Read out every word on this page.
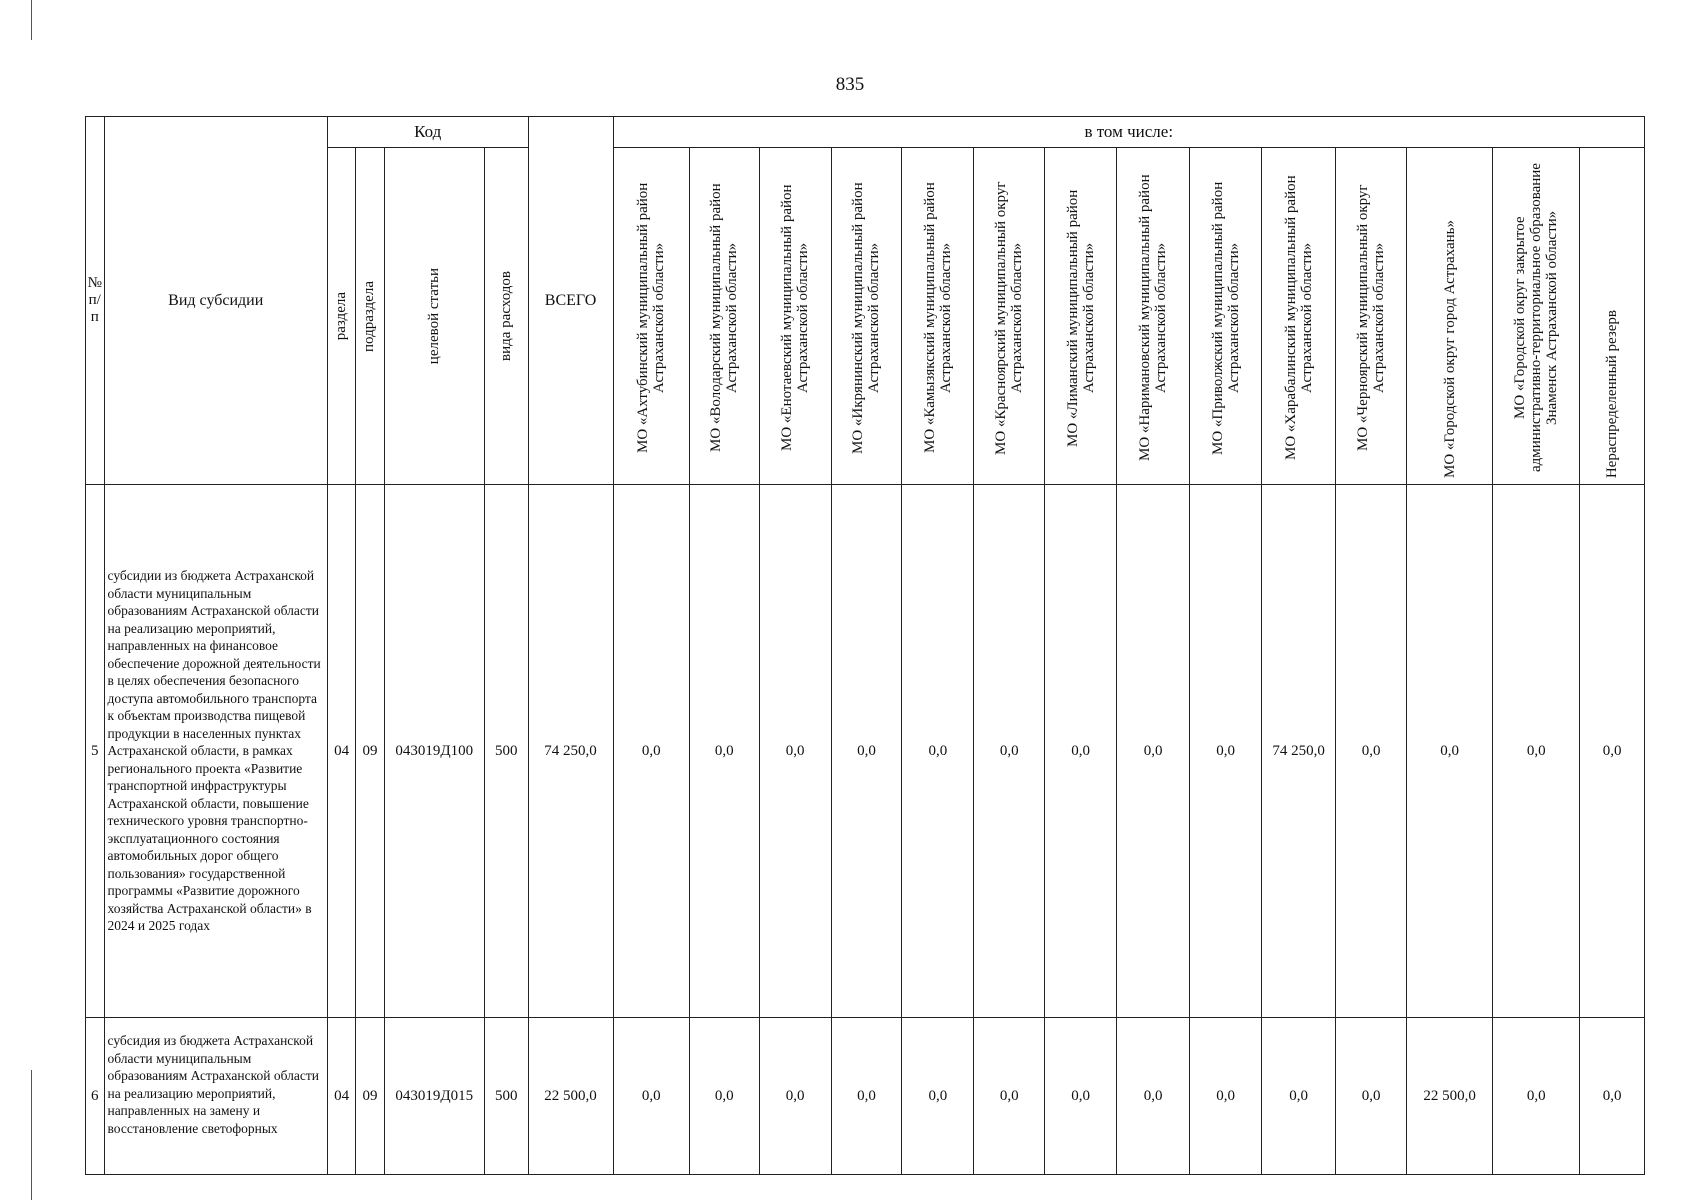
835
№ п/п	Вид субсидии	Код				ВСЕГО	в том числе:													

		раздела	подраздела	целевой статьи	вида расходов		МО «Ахтубинский муниципальный район Астраханской области»	МО «Володарский муниципальный район Астраханской области»	МО «Енотаевский муниципальный район Астраханской области»	МО «Икрянинский муниципальный район Астраханской области»	МО «Камызякский муниципальный район Астраханской области»	МО «Красноярский муниципальный округ Астраханской области»	МО «Лиманский муниципальный район Астраханской области»	МО «Наримановский муниципальный район Астраханской области»	МО «Приволжский муниципальный район Астраханской области»	МО «Харабалинский муниципальный район Астраханской области»	МО «Черноярский муниципальный округ Астраханской области»	МО «Городской округ город Астрахань»	МО «Городской округ закрытое административно-территориальное образование Знаменск Астраханской области»	Нераспределенный резерв

5	субсидии из бюджета Астраханской области муниципальным образованиям Астраханской области на реализацию мероприятий, направленных на финансовое обеспечение дорожной деятельности в целях обеспечения безопасного доступа автомобильного транспорта к объектам производства пищевой продукции в населенных пунктах Астраханской области, в рамках регионального проекта «Развитие транспортной инфраструктуры Астраханской области, повышение технического уровня транспортно-эксплуатационного состояния автомобильных дорог общего пользования» государственной программы «Развитие дорожного хозяйства Астраханской области» в 2024 и 2025 годах	04	09	043019Д100	500	74 250,0	0,0	0,0	0,0	0,0	0,0	0,0	0,0	0,0	0,0	74 250,0	0,0	0,0	0,0	0,0
6	субсидия из бюджета Астраханской области муниципальным образованиям Астраханской области на реализацию мероприятий, направленных на замену и восстановление светофорных	04	09	043019Д015	500	22 500,0	0,0	0,0	0,0	0,0	0,0	0,0	0,0	0,0	0,0	0,0	0,0	22 500,0	0,0	0,0
